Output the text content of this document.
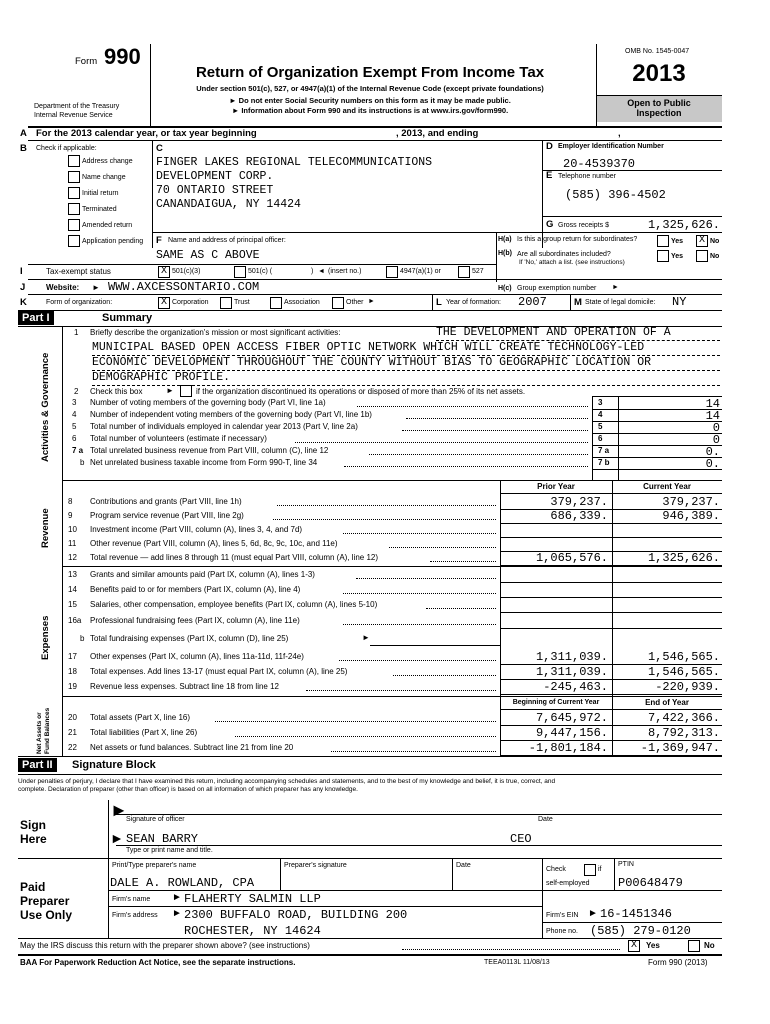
Form 990
Department of the Treasury
Internal Revenue Service
Return of Organization Exempt From Income Tax
Under section 501(c), 527, or 4947(a)(1) of the Internal Revenue Code (except private foundations)
► Do not enter Social Security numbers on this form as it may be made public.
► Information about Form 990 and its instructions is at www.irs.gov/form990.
OMB No. 1545-0047
2013
Open to Public
Inspection
A For the 2013 calendar year, or tax year beginning	, 2013, and ending	,
B Check if applicable:
Address change
Name change
Initial return
Terminated
Amended return
Application pending
C
FINGER LAKES REGIONAL TELECOMMUNICATIONS
DEVELOPMENT CORP.
70 ONTARIO STREET
CANANDAIGUA, NY 14424
D Employer Identification Number
20-4539370
E Telephone number
(585) 396-4502
G Gross receipts $	1,325,626.
F Name and address of principal officer:
SAME AS C ABOVE
H(a) Is this a group return for subordinates?	Yes X No
H(b) Are all subordinates included?
If 'No,' attach a list. (see instructions)
Yes	No
I	Tax-exempt status	X 501(c)(3)	501(c) (	) ◄ (insert no.)	4947(a)(1) or	527
J	Website: ► WWW.AXCESSONTARIO.COM	H(c) Group exemption number ►
K	Form of organization:	X Corporation	Trust	Association	Other ►	L Year of formation: 2007	M State of legal domicile: NY
Part I	Summary
Activities & Governance
Revenue
Expenses
Net Assets or Fund Balances
1 Briefly describe the organization's mission or most significant activities:	THE DEVELOPMENT AND OPERATION OF A
MUNICIPAL BASED OPEN ACCESS FIBER OPTIC NETWORK WHICH WILL CREATE TECHNOLOGY-LED
ECONOMIC DEVELOPMENT THROUGHOUT THE COUNTY WITHOUT BIAS TO GEOGRAPHIC LOCATION OR
DEMOGRAPHIC PROFILE.
2 Check this box	►	if the organization discontinued its operations or disposed of more than 25% of its net assets.
3 Number of voting members of the governing body (Part VI, line 1a)	3	14
4 Number of independent voting members of the governing body (Part VI, line 1b)	4	14
5 Total number of individuals employed in calendar year 2013 (Part V, line 2a)	5	0
6 Total number of volunteers (estimate if necessary)	6	0
7 a Total unrelated business revenue from Part VIII, column (C), line 12	7 a	0.
b Net unrelated business taxable income from Form 990-T, line 34	7 b	0.
Prior Year	Current Year
8 Contributions and grants (Part VIII, line 1h)	379,237.	379,237.
9 Program service revenue (Part VIII, line 2g)	686,339.	946,389.
10 Investment income (Part VIII, column (A), lines 3, 4, and 7d)
11 Other revenue (Part VIII, column (A), lines 5, 6d, 8c, 9c, 10c, and 11e)
12 Total revenue — add lines 8 through 11 (must equal Part VIII, column (A), line 12)	1,065,576.	1,325,626.
13 Grants and similar amounts paid (Part IX, column (A), lines 1-3)
14 Benefits paid to or for members (Part IX, column (A), line 4)
15 Salaries, other compensation, employee benefits (Part IX, column (A), lines 5-10)
16a Professional fundraising fees (Part IX, column (A), line 11e)
b Total fundraising expenses (Part IX, column (D), line 25)	►
17 Other expenses (Part IX, column (A), lines 11a-11d, 11f-24e)	1,311,039.	1,546,565.
18 Total expenses. Add lines 13-17 (must equal Part IX, column (A), line 25)	1,311,039.	1,546,565.
19 Revenue less expenses. Subtract line 18 from line 12	-245,463.	-220,939.
Beginning of Current Year	End of Year
20 Total assets (Part X, line 16)	7,645,972.	7,422,366.
21 Total liabilities (Part X, line 26)	9,447,156.	8,792,313.
22 Net assets or fund balances. Subtract line 21 from line 20	-1,801,184.	-1,369,947.
Part II	Signature Block
Under penalties of perjury, I declare that I have examined this return, including accompanying schedules and statements, and to the best of my knowledge and belief, it is true, correct, and
complete. Declaration of preparer (other than officer) is based on all information of which preparer has any knowledge.
Sign
Here
►
Signature of officer	Date
► SEAN BARRY	CEO
Type or print name and title.
Paid
Preparer
Use Only
Print/Type preparer's name	Preparer's signature	Date
Check	if
self-employed
PTIN
DALE A. ROWLAND, CPA	P00648479
Firm's name ► FLAHERTY SALMIN LLP
Firm's address ► 2300 BUFFALO ROAD, BUILDING 200
ROCHESTER, NY 14624
Firm's EIN ► 16-1451346
Phone no. (585) 279-0120
May the IRS discuss this return with the preparer shown above? (see instructions)	X	Yes	No
BAA For Paperwork Reduction Act Notice, see the separate instructions.	TEEA0113L 11/08/13	Form 990 (2013)
